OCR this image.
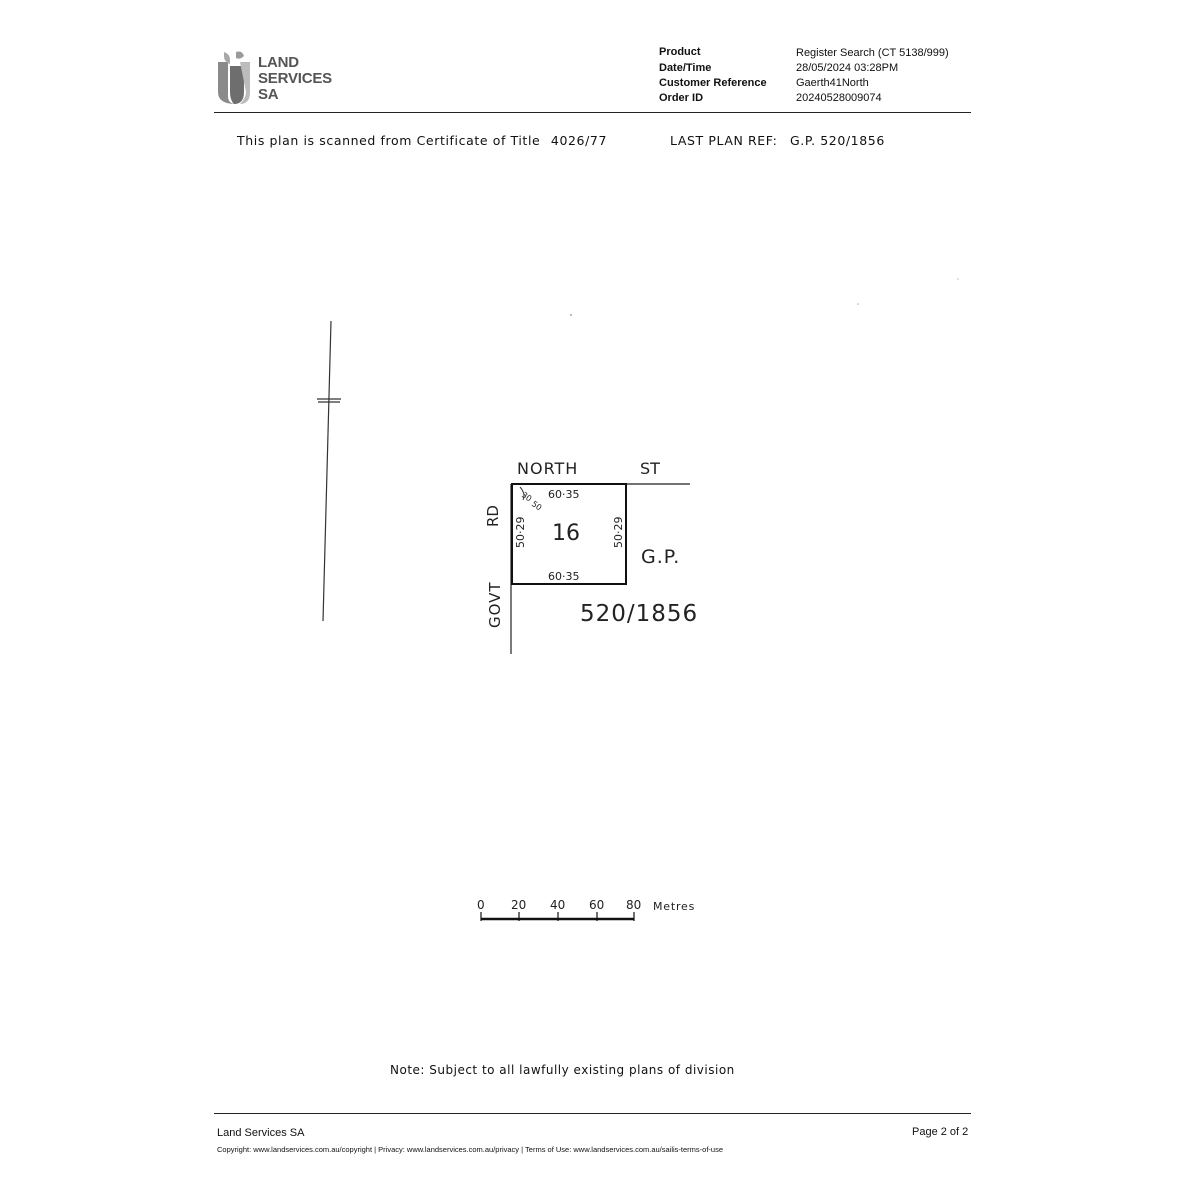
LAND
SERVICES
SA
Product	Register Search (CT 5138/999)
Date/Time	28/05/2024 03:28PM
Customer Reference	Gaerth41North
Order ID	20240528009074
This plan is scanned from Certificate of Title 4026/77	LAST PLAN REF: G.P. 520/1856
NORTH	ST
RD
GOVT
60·35
60·35
50·29	50·29
30
50
16
G.P.
520/1856
0 20 40 60 80 Metres
Note: Subject to all lawfully existing plans of division
Land Services SA	Page 2 of 2
Copyright: www.landservices.com.au/copyright | Privacy: www.landservices.com.au/privacy | Terms of Use: www.landservices.com.au/sailis-terms-of-use
